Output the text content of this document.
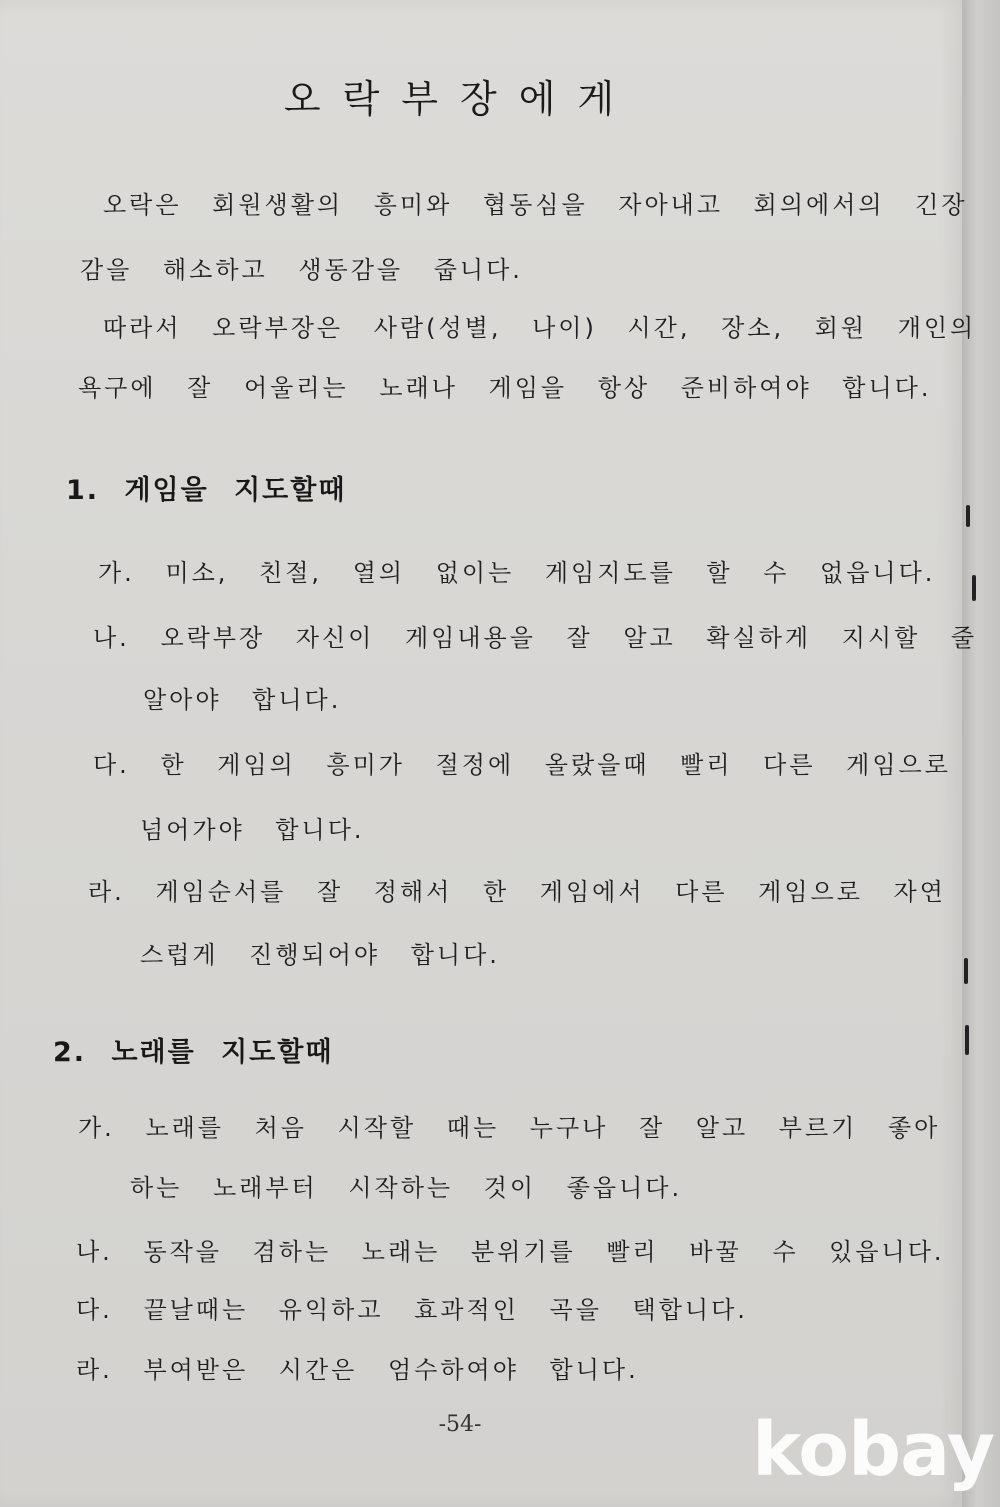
오락부장에게
오락은 회원생활의 흥미와 협동심을 자아내고 회의에서의 긴장
감을 해소하고 생동감을 줍니다.
따라서 오락부장은 사람(성별, 나이) 시간, 장소, 회원 개인의
욕구에 잘 어울리는 노래나 게임을 항상 준비하여야 합니다.
1. 게임을 지도할때
가. 미소, 친절, 열의 없이는 게임지도를 할 수 없읍니다.
나. 오락부장 자신이 게임내용을 잘 알고 확실하게 지시할 줄
알아야 합니다.
다. 한 게임의 흥미가 절정에 올랐을때 빨리 다른 게임으로
넘어가야 합니다.
라. 게임순서를 잘 정해서 한 게임에서 다른 게임으로 자연
스럽게 진행되어야 합니다.
2. 노래를 지도할때
가. 노래를 처음 시작할 때는 누구나 잘 알고 부르기 좋아
하는 노래부터 시작하는 것이 좋읍니다.
나. 동작을 겸하는 노래는 분위기를 빨리 바꿀 수 있읍니다.
다. 끝날때는 유익하고 효과적인 곡을 택합니다.
라. 부여받은 시간은 엄수하여야 합니다.
-54-	kobay
